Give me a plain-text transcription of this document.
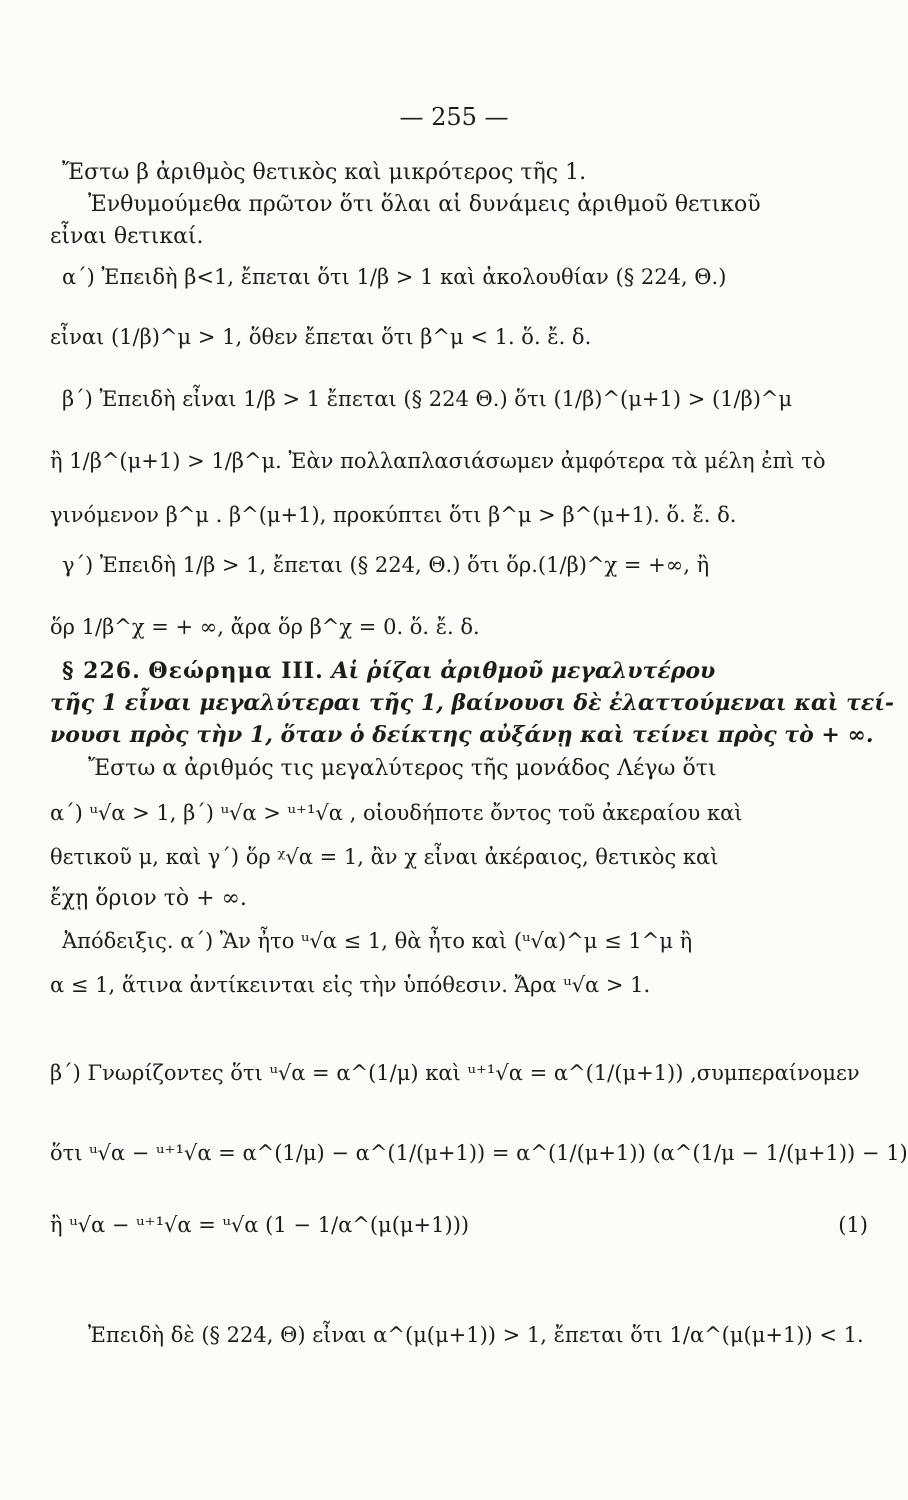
— 255 —
Ἔστω β ἀριθμὸς θετικὸς καὶ μικρότερος τῆς 1.
Ἐνθυμούμεθα πρῶτον ὅτι ὅλαι αἱ δυνάμεις ἀριθμοῦ θετικοῦ
εἶναι θετικαί.
α΄) Ἐπειδὴ β<1, ἔπεται ὅτι 1/β > 1 καὶ ἀκολουθίαν (§ 224, Θ.)
εἶναι (1/β)^μ > 1, ὅθεν ἔπεται ὅτι β^μ < 1. ὅ. ἔ. δ.
β΄) Ἐπειδὴ εἶναι 1/β > 1 ἔπεται (§ 224 Θ.) ὅτι (1/β)^(μ+1) > (1/β)^μ
ἢ 1/β^(μ+1) > 1/β^μ. Ἐὰν πολλαπλασιάσωμεν ἀμφότερα τὰ μέλη ἐπὶ τὸ
γινόμενον β^μ . β^(μ+1), προκύπτει ὅτι β^μ > β^(μ+1). ὅ. ἔ. δ.
γ΄) Ἐπειδὴ 1/β > 1, ἔπεται (§ 224, Θ.) ὅτι ὅρ.(1/β)^χ = +∞, ἢ
ὅρ 1/β^χ = + ∞, ἄρα ὅρ β^χ = 0. ὅ. ἔ. δ.
§ 226. Θεώρημα III. Αἱ ῥίζαι ἀριθμοῦ μεγαλυτέρου
τῆς 1 εἶναι μεγαλύτεραι τῆς 1, βαίνουσι δὲ ἐλαττούμεναι καὶ τεί-
νουσι πρὸς τὴν 1, ὅταν ὁ δείκτης αὐξάνῃ καὶ τείνει πρὸς τὸ + ∞.
Ἔστω α ἀριθμός τις μεγαλύτερος τῆς μονάδος Λέγω ὅτι
α΄) ᵘ√α > 1, β΄) ᵘ√α > ᵘ⁺¹√α , οἱουδήποτε ὄντος τοῦ ἀκεραίου καὶ
θετικοῦ μ, καὶ γ΄) ὅρ ᵡ√α = 1, ἂν χ εἶναι ἀκέραιος, θετικὸς καὶ
ἔχῃ ὅριον τὸ + ∞.
Ἀπόδειξις. α΄) Ἂν ἦτο ᵘ√α ≤ 1, θὰ ἦτο καὶ (ᵘ√α)^μ ≤ 1^μ ἢ
α ≤ 1, ἅτινα ἀντίκεινται εἰς τὴν ὑπόθεσιν. Ἄρα ᵘ√α > 1.
β΄) Γνωρίζοντες ὅτι ᵘ√α = α^(1/μ) καὶ ᵘ⁺¹√α = α^(1/(μ+1)) ,συμπεραίνομεν
ὅτι ᵘ√α − ᵘ⁺¹√α = α^(1/μ) − α^(1/(μ+1)) = α^(1/(μ+1)) (α^(1/μ − 1/(μ+1)) − 1)
ἢ ᵘ√α − ᵘ⁺¹√α = ᵘ√α (1 − 1/α^(μ(μ+1)))	(1)
Ἐπειδὴ δὲ (§ 224, Θ) εἶναι α^(μ(μ+1)) > 1, ἔπεται ὅτι 1/α^(μ(μ+1)) < 1.
